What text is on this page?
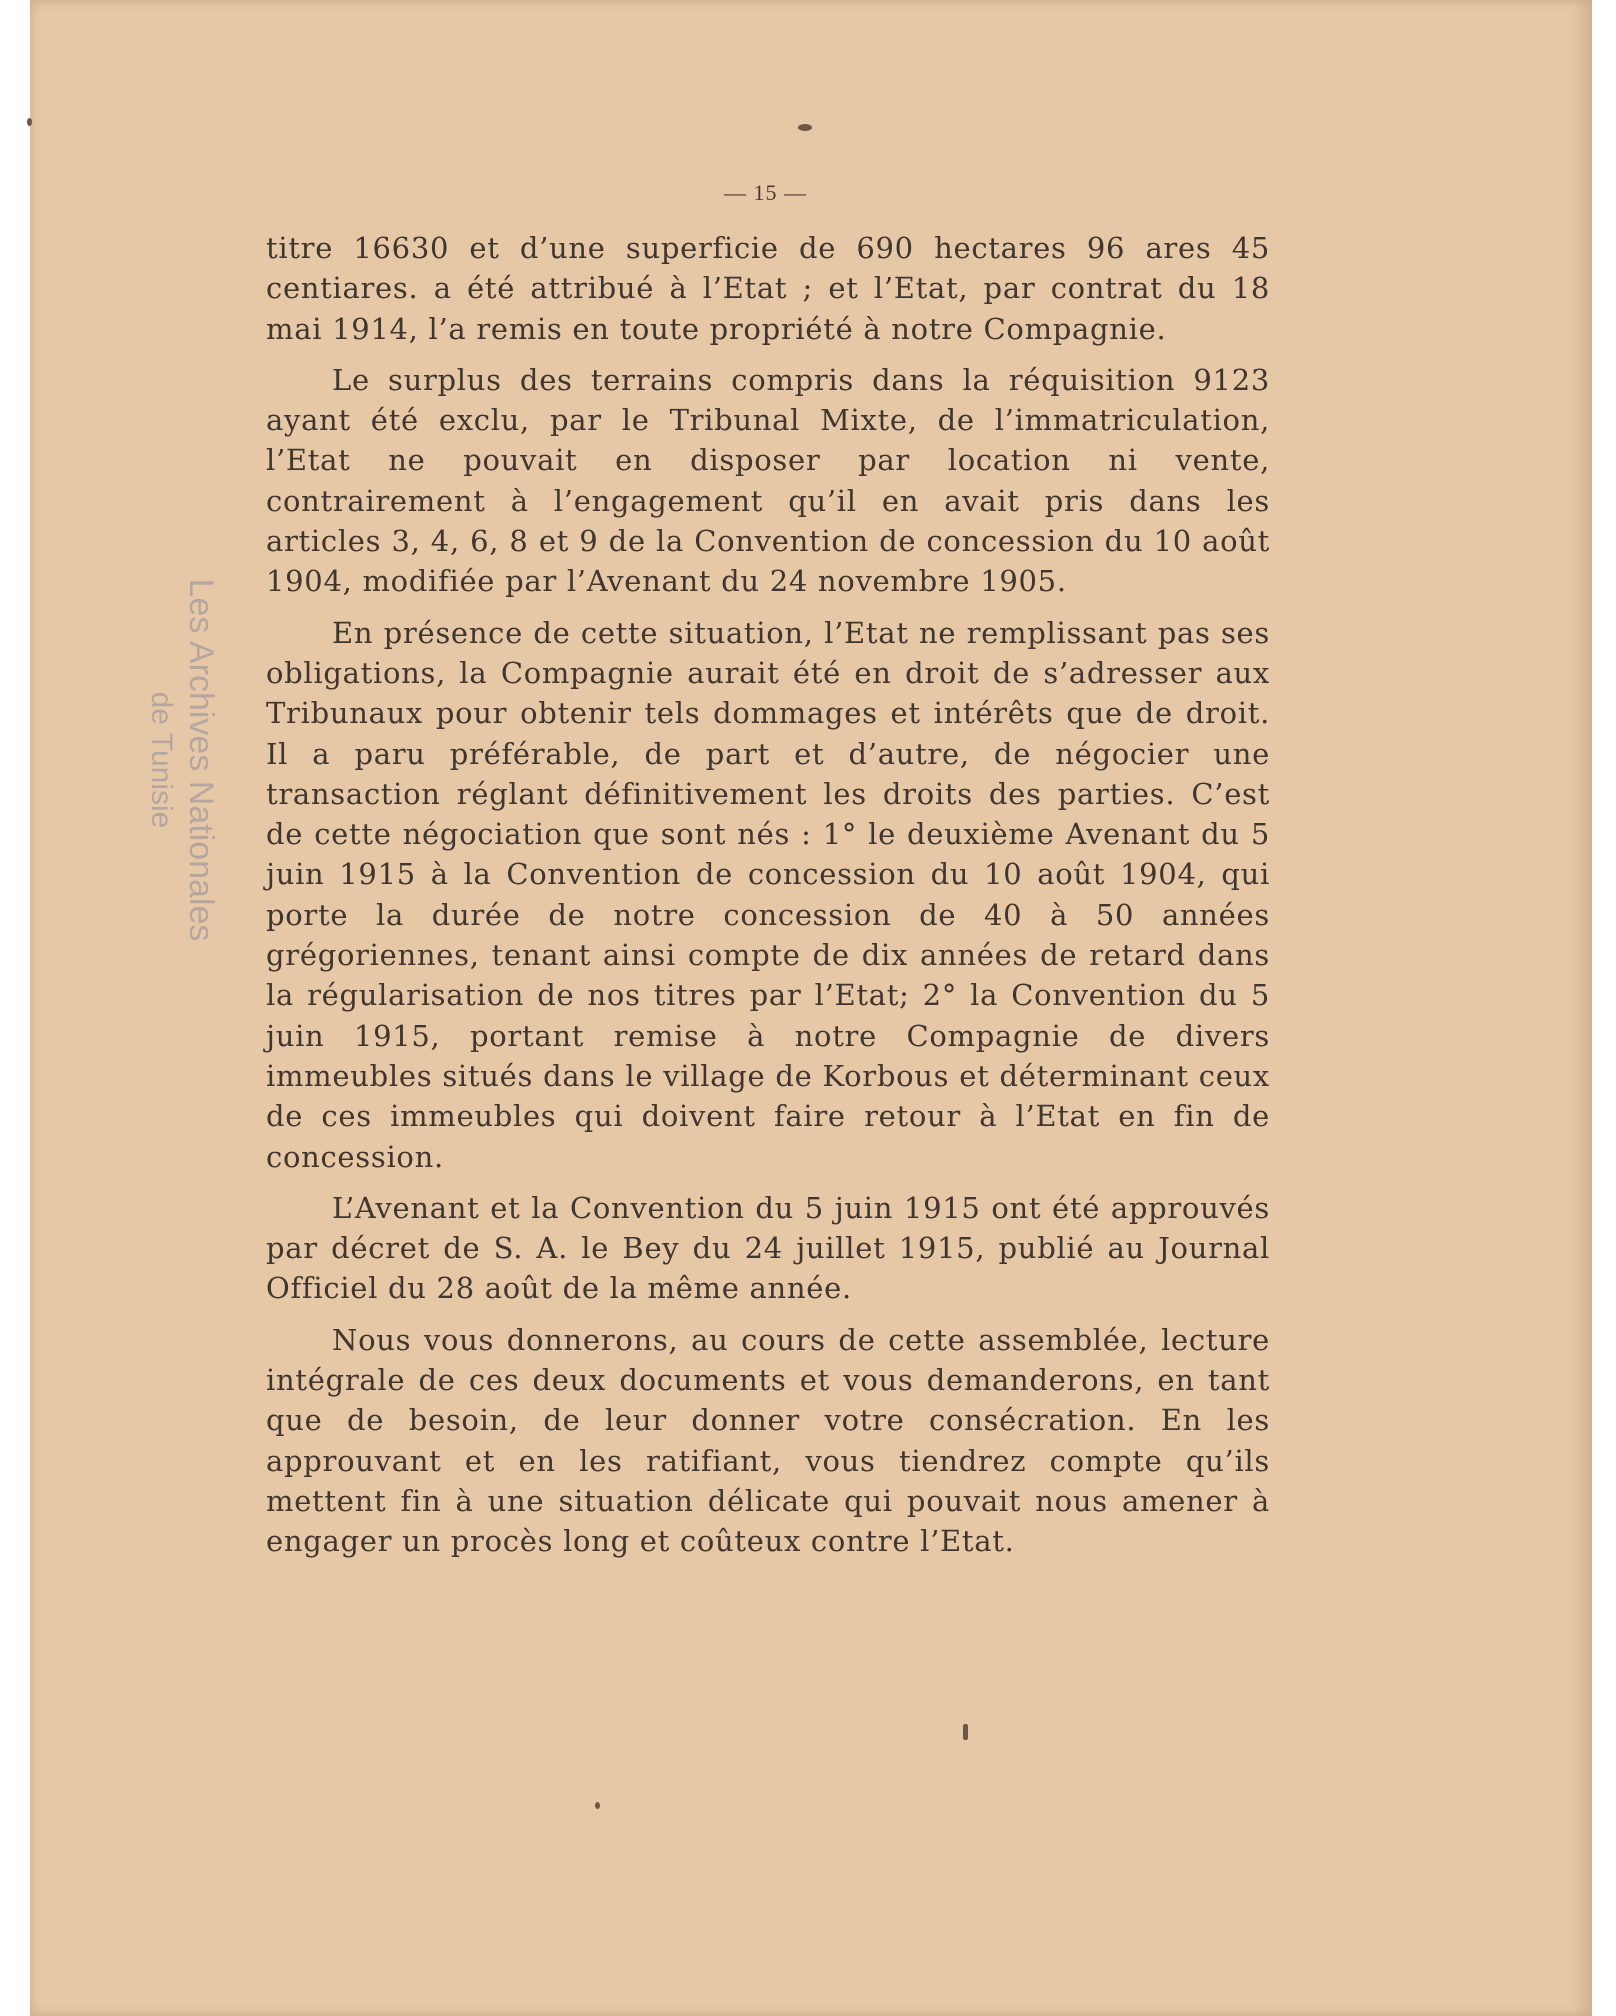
Les Archives Nationales
de Tunisie
— 15 —

titre 16630 et d’une superficie de 690 hectares 96 ares 45 centiares. a été attribué à l’Etat ; et l’Etat, par contrat du 18 mai 1914, l’a remis en toute propriété à notre Compagnie.

Le surplus des terrains compris dans la réquisition 9123 ayant été exclu, par le Tribunal Mixte, de l’immatriculation, l’Etat ne pouvait en disposer par location ni vente, contrairement à l’engagement qu’il en avait pris dans les articles 3, 4, 6, 8 et 9 de la Convention de concession du 10 août 1904, modifiée par l’Avenant du 24 novembre 1905.

En présence de cette situation, l’Etat ne remplissant pas ses obligations, la Compagnie aurait été en droit de s’adresser aux Tribunaux pour obtenir tels dommages et intérêts que de droit. Il a paru préférable, de part et d’autre, de négocier une transaction réglant définitivement les droits des parties. C’est de cette négociation que sont nés : 1° le deuxième Avenant du 5 juin 1915 à la Convention de concession du 10 août 1904, qui porte la durée de notre concession de 40 à 50 années grégoriennes, tenant ainsi compte de dix années de retard dans la régularisation de nos titres par l’Etat; 2° la Convention du 5 juin 1915, portant remise à notre Compagnie de divers immeubles situés dans le village de Korbous et déterminant ceux de ces immeubles qui doivent faire retour à l’Etat en fin de concession.

L’Avenant et la Convention du 5 juin 1915 ont été approuvés par décret de S. A. le Bey du 24 juillet 1915, publié au Journal Officiel du 28 août de la même année.

Nous vous donnerons, au cours de cette assemblée, lecture intégrale de ces deux documents et vous demanderons, en tant que de besoin, de leur donner votre consécration. En les approuvant et en les ratifiant, vous tiendrez compte qu’ils mettent fin à une situation délicate qui pouvait nous amener à engager un procès long et coûteux contre l’Etat.
